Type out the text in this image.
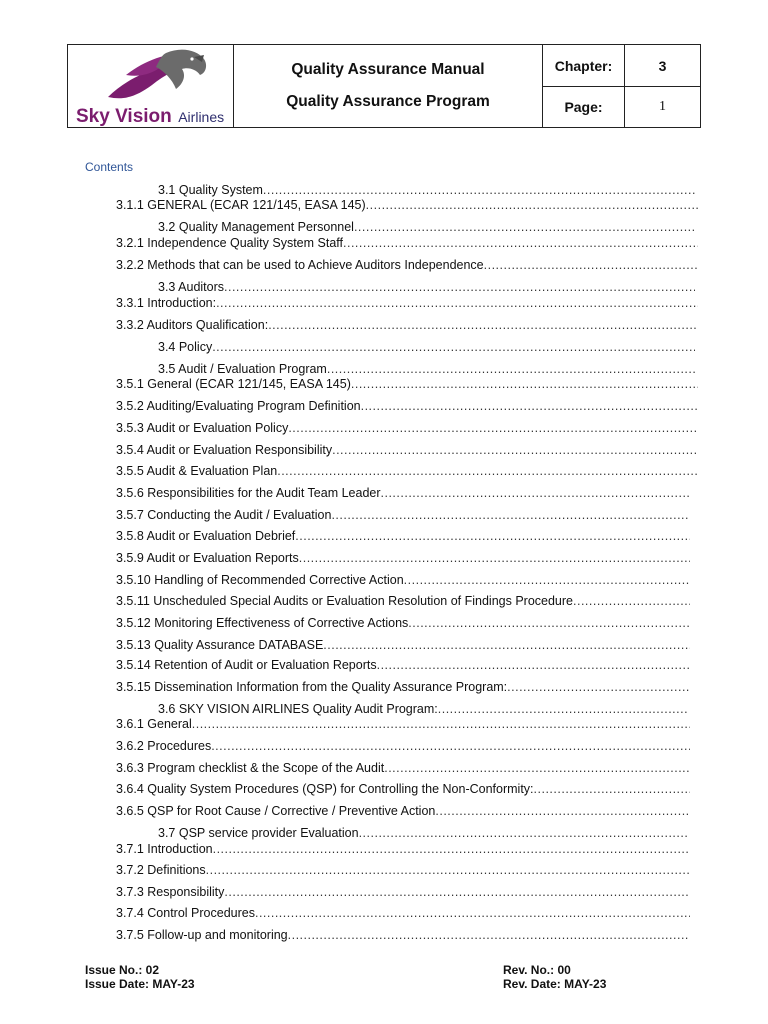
Sky Vision Airlines
Quality Assurance Manual
Quality Assurance Program
Chapter:	3
Page:	1
Contents
3.1 Quality System
.....
3.1.1 GENERAL (ECAR 121/145, EASA 145)
.....
3.2 Quality Management Personnel
.....
3.2.1 Independence Quality System Staff
.....
3.2.2 Methods that can be used to Achieve Auditors Independence
.....
3.3 Auditors
.....
3.3.1 Introduction:
.....
3.3.2 Auditors Qualification:
.....
3.4 Policy
.....
3.5 Audit / Evaluation Program
.....
3.5.1 General (ECAR 121/145, EASA 145)
.....
3.5.2 Auditing/Evaluating Program Definition
.....
3.5.3 Audit or Evaluation Policy
.....
3.5.4 Audit or Evaluation Responsibility
.....
3.5.5 Audit & Evaluation Plan
.....
3.5.6 Responsibilities for the Audit Team Leader
.....
3.5.7 Conducting the Audit / Evaluation
.....
3.5.8 Audit or Evaluation Debrief
.....
3.5.9 Audit or Evaluation Reports
.....
3.5.10 Handling of Recommended Corrective Action
.....
3.5.11 Unscheduled Special Audits or Evaluation Resolution of Findings Procedure
.....
3.5.12 Monitoring Effectiveness of Corrective Actions
.....
3.5.13 Quality Assurance DATABASE
.....
3.5.14 Retention of Audit or Evaluation Reports
.....
3.5.15 Dissemination Information from the Quality Assurance Program:
.....
3.6 SKY VISION AIRLINES Quality Audit Program:
.....
3.6.1 General
.....
3.6.2 Procedures
.....
3.6.3 Program checklist & the Scope of the Audit
.....
3.6.4 Quality System Procedures (QSP) for Controlling the Non-Conformity:
.....
3.6.5 QSP for Root Cause / Corrective / Preventive Action
.....
3.7 QSP service provider Evaluation
.....
3.7.1 Introduction
.....
3.7.2 Definitions
.....
3.7.3 Responsibility
.....
3.7.4 Control Procedures
.....
3.7.5 Follow-up and monitoring
.....
Issue No.: 02
Issue Date: MAY-23
Rev. No.: 00
Rev. Date: MAY-23
